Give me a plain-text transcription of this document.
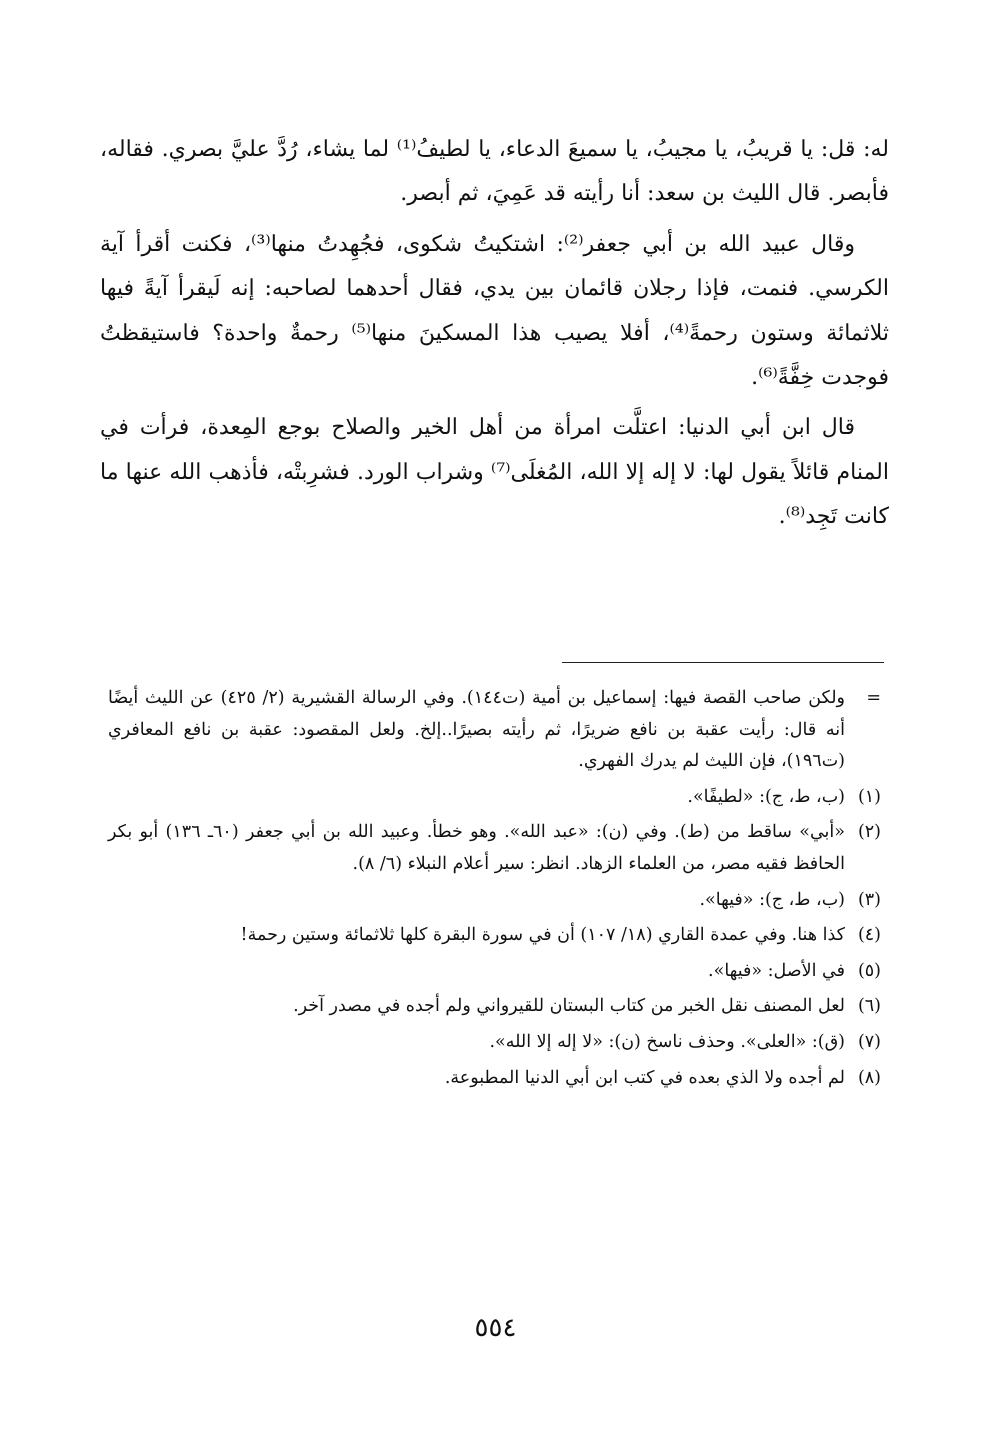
له: قل: يا قريبُ، يا مجيبُ، يا سميعَ الدعاء، يا لطيفُ⁽¹⁾ لما يشاء، رُدَّ عليَّ بصري. فقاله، فأبصر. قال الليث بن سعد: أنا رأيته قد عَمِيَ، ثم أبصر.

وقال عبيد الله بن أبي جعفر⁽²⁾: اشتكيتُ شكوى، فجُهِدتُ منها⁽³⁾، فكنت أقرأ آية الكرسي. فنمت، فإذا رجلان قائمان بين يدي، فقال أحدهما لصاحبه: إنه لَيقرأ آيةً فيها ثلاثمائة وستون رحمةً⁽⁴⁾، أفلا يصيب هذا المسكينَ منها⁽⁵⁾ رحمةٌ واحدة؟ فاستيقظتُ فوجدت خِفَّةً⁽⁶⁾.

قال ابن أبي الدنيا: اعتلَّت امرأة من أهل الخير والصلاح بوجع المِعدة، فرأت في المنام قائلاً يقول لها: لا إله إلا الله، المُغلَى⁽⁷⁾ وشراب الورد. فشرِبتْه، فأذهب الله عنها ما كانت تَجِد⁽⁸⁾.

=
ولكن صاحب القصة فيها: إسماعيل بن أمية (ت١٤٤). وفي الرسالة القشيرية (٢/ ٤٢٥) عن الليث أيضًا أنه قال: رأيت عقبة بن نافع ضريرًا، ثم رأيته بصيرًا..إلخ. ولعل المقصود: عقبة بن نافع المعافري (ت١٩٦)، فإن الليث لم يدرك الفهري.
(١)
(ب، ط، ج): «لطيفًا».
(٢)
«أبي» ساقط من (ط). وفي (ن): «عبد الله». وهو خطأ. وعبيد الله بن أبي جعفر (٦٠ـ ١٣٦) أبو بكر الحافظ فقيه مصر، من العلماء الزهاد. انظر: سير أعلام النبلاء (٦/ ٨).
(٣)
(ب، ط، ج): «فيها».
(٤)
كذا هنا. وفي عمدة القاري (١٨/ ١٠٧) أن في سورة البقرة كلها ثلاثمائة وستين رحمة!
(٥)
في الأصل: «فيها».
(٦)
لعل المصنف نقل الخبر من كتاب البستان للقيرواني ولم أجده في مصدر آخر.
(٧)
(ق): «العلى». وحذف ناسخ (ن): «لا إله إلا الله».
(٨)
لم أجده ولا الذي بعده في كتب ابن أبي الدنيا المطبوعة.
٥٥٤
